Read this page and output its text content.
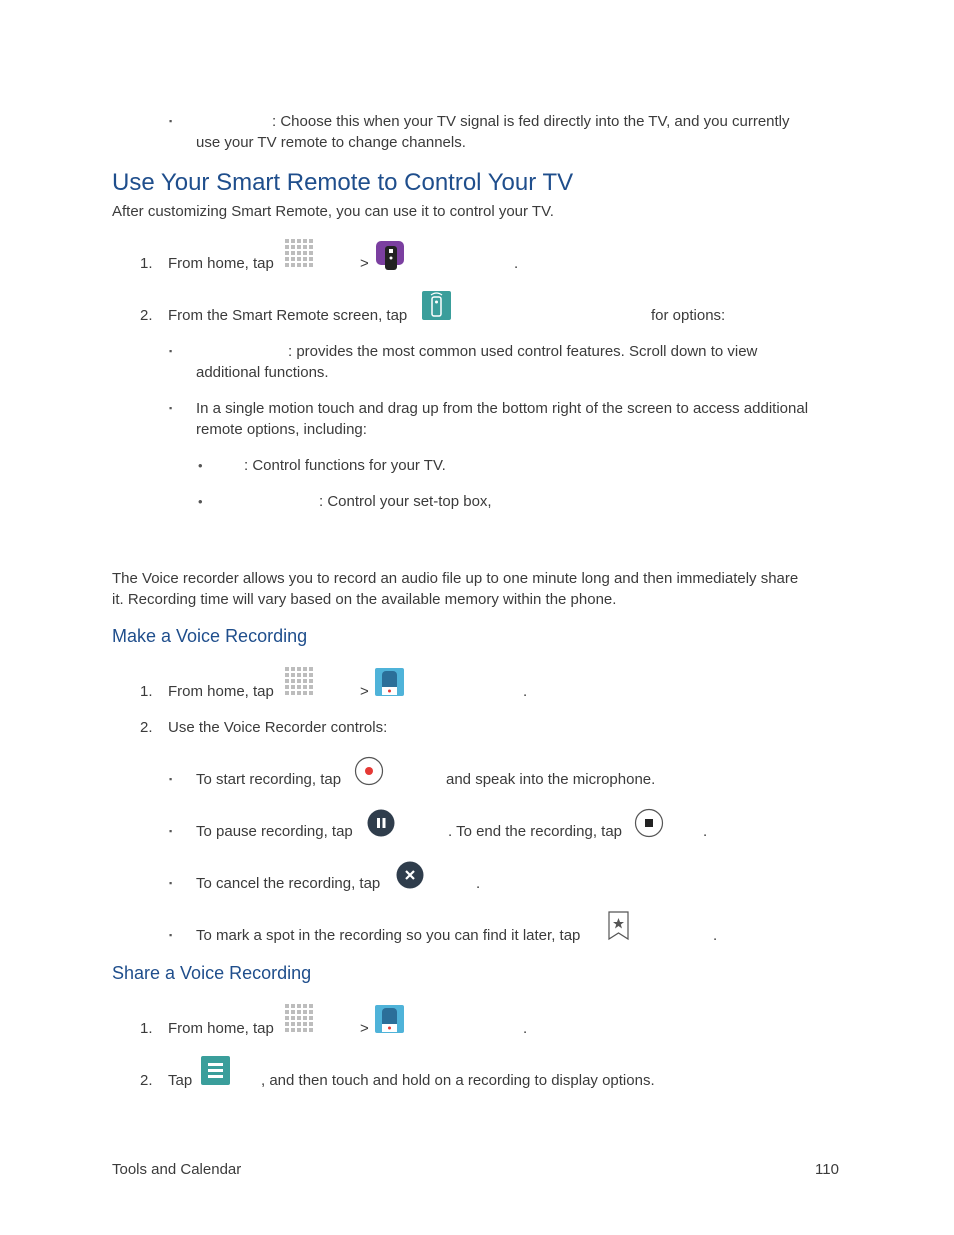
▪	: Choose this when your TV signal is fed directly into the TV, and you currently
use your TV remote to change channels.
Use Your Smart Remote to Control Your TV
After customizing Smart Remote, you can use it to control your TV.
1. From home, tap	>	.
2. From the Smart Remote screen, tap	for options:
▪	: provides the most common used control features. Scroll down to view
additional functions.
▪ In a single motion touch and drag up from the bottom right of the screen to access additional
remote options, including:
•	: Control functions for your TV.
•	: Control your set-top box,
The Voice recorder allows you to record an audio file up to one minute long and then immediately share
it. Recording time will vary based on the available memory within the phone.
Make a Voice Recording
1. From home, tap	>	.
2. Use the Voice Recorder controls:
▪ To start recording, tap	and speak into the microphone.
▪ To pause recording, tap	. To end the recording, tap	.
▪ To cancel the recording, tap	.
▪ To mark a spot in the recording so you can find it later, tap	.
Share a Voice Recording
1. From home, tap	>	.
2. Tap	, and then touch and hold on a recording to display options.
Tools and Calendar	110
